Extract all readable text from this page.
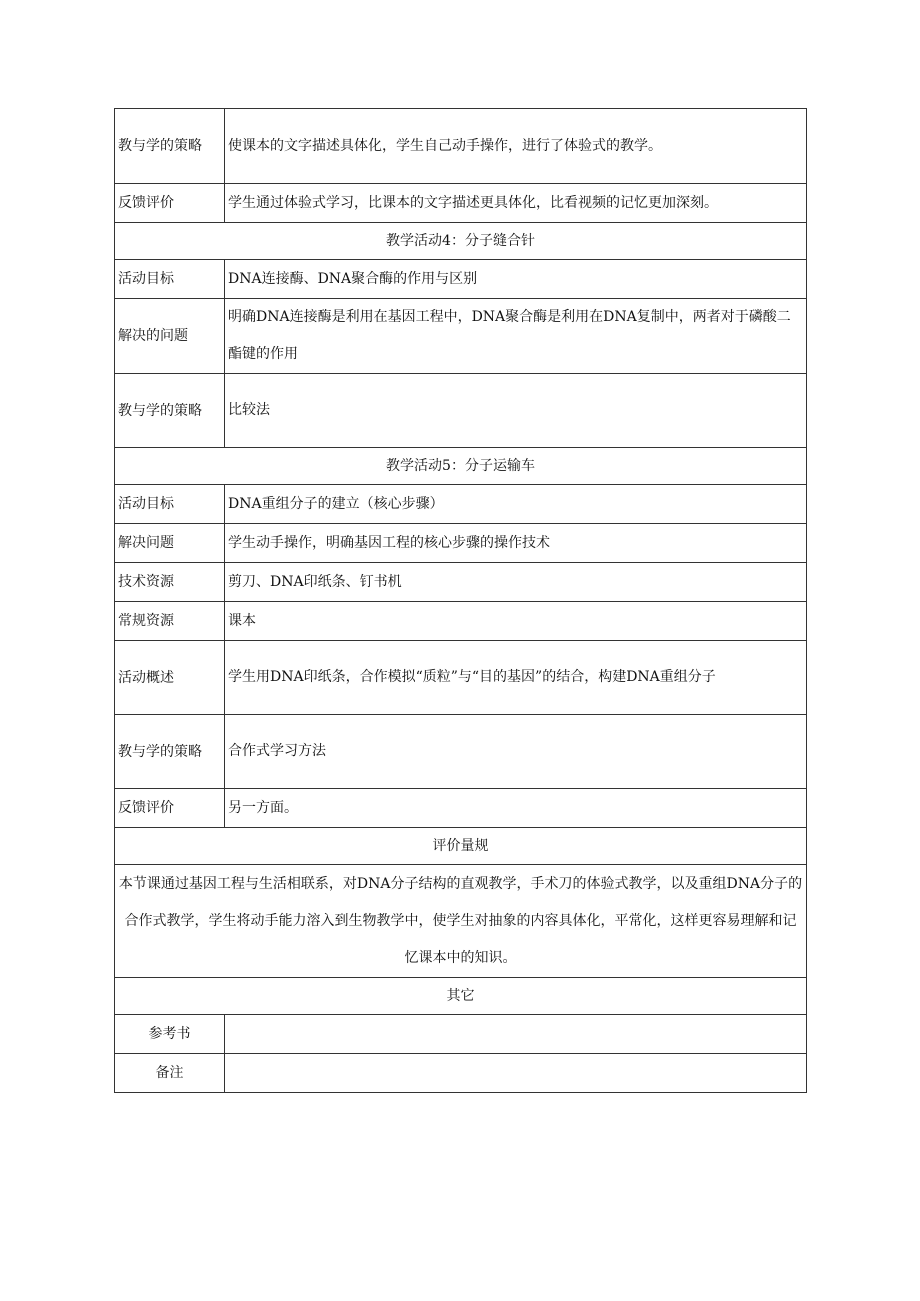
教与学的策略	使课本的文字描述具体化，学生自己动手操作，进行了体验式的教学。
反馈评价	学生通过体验式学习，比课本的文字描述更具体化，比看视频的记忆更加深刻。
教学活动4：分子缝合针	
活动目标	DNA连接酶、DNA聚合酶的作用与区别
解决的问题	明确DNA连接酶是利用在基因工程中，DNA聚合酶是利用在DNA复制中，两者对于磷酸二酯键的作用
教与学的策略	比较法
教学活动5：分子运输车	
活动目标	DNA重组分子的建立（核心步骤）
解决问题	学生动手操作，明确基因工程的核心步骤的操作技术
技术资源	剪刀、DNA印纸条、钉书机
常规资源	课本
活动概述	学生用DNA印纸条，合作模拟“质粒”与“目的基因”的结合，构建DNA重组分子
教与学的策略	合作式学习方法
反馈评价	另一方面。
评价量规	
本节课通过基因工程与生活相联系，对DNA分子结构的直观教学，手术刀的体验式教学，以及重组DNA分子的合作式教学，学生将动手能力溶入到生物教学中，使学生对抽象的内容具体化，平常化，这样更容易理解和记忆课本中的知识。	
其它	
参考书	
备注	
